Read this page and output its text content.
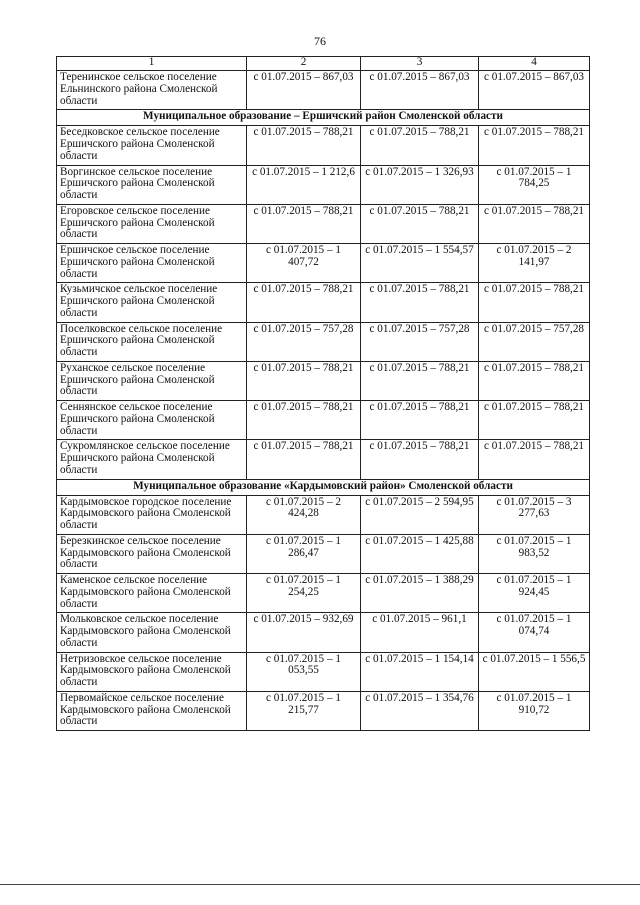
76
1	2	3	4
Теренинское сельское поселение Ельнинского района Смоленской области	с 01.07.2015 – 867,03	с 01.07.2015 – 867,03	с 01.07.2015 – 867,03
Муниципальное образование – Ершичский район Смоленской области			
Беседковское сельское поселение Ершичского района Смоленской области	с 01.07.2015 – 788,21	с 01.07.2015 – 788,21	с 01.07.2015 – 788,21
Воргинское сельское поселение Ершичского района Смоленской области	с 01.07.2015 – 1 212,6	с 01.07.2015 – 1 326,93	с 01.07.2015 – 1 784,25
Егоровское сельское поселение Ершичского района Смоленской области	с 01.07.2015 – 788,21	с 01.07.2015 – 788,21	с 01.07.2015 – 788,21
Ершичское сельское поселение Ершичского района Смоленской области	с 01.07.2015 – 1 407,72	с 01.07.2015 – 1 554,57	с 01.07.2015 – 2 141,97
Кузьмичское сельское поселение Ершичского района Смоленской области	с 01.07.2015 – 788,21	с 01.07.2015 – 788,21	с 01.07.2015 – 788,21
Поселковское сельское поселение Ершичского района Смоленской области	с 01.07.2015 – 757,28	с 01.07.2015 – 757,28	с 01.07.2015 – 757,28
Руханское сельское поселение Ершичского района Смоленской области	с 01.07.2015 – 788,21	с 01.07.2015 – 788,21	с 01.07.2015 – 788,21
Сеннянское сельское поселение Ершичского района Смоленской области	с 01.07.2015 – 788,21	с 01.07.2015 – 788,21	с 01.07.2015 – 788,21
Сукромлянское сельское поселение Ершичского района Смоленской области	с 01.07.2015 – 788,21	с 01.07.2015 – 788,21	с 01.07.2015 – 788,21
Муниципальное образование «Кардымовский район» Смоленской области			
Кардымовское городское поселение Кардымовского района Смоленской области	с 01.07.2015 – 2 424,28	с 01.07.2015 – 2 594,95	с 01.07.2015 – 3 277,63
Березкинское сельское поселение Кардымовского района Смоленской области	с 01.07.2015 – 1 286,47	с 01.07.2015 – 1 425,88	с 01.07.2015 – 1 983,52
Каменское сельское поселение Кардымовского района Смоленской области	с 01.07.2015 – 1 254,25	с 01.07.2015 – 1 388,29	с 01.07.2015 – 1 924,45
Мольковское сельское поселение Кардымовского района Смоленской области	с 01.07.2015 – 932,69	с 01.07.2015 – 961,1	с 01.07.2015 – 1 074,74
Нетризовское сельское поселение Кардымовского района Смоленской области	с 01.07.2015 – 1 053,55	с 01.07.2015 – 1 154,14	с 01.07.2015 – 1 556,5
Первомайское сельское поселение Кардымовского района Смоленской области	с 01.07.2015 – 1 215,77	с 01.07.2015 – 1 354,76	с 01.07.2015 – 1 910,72
